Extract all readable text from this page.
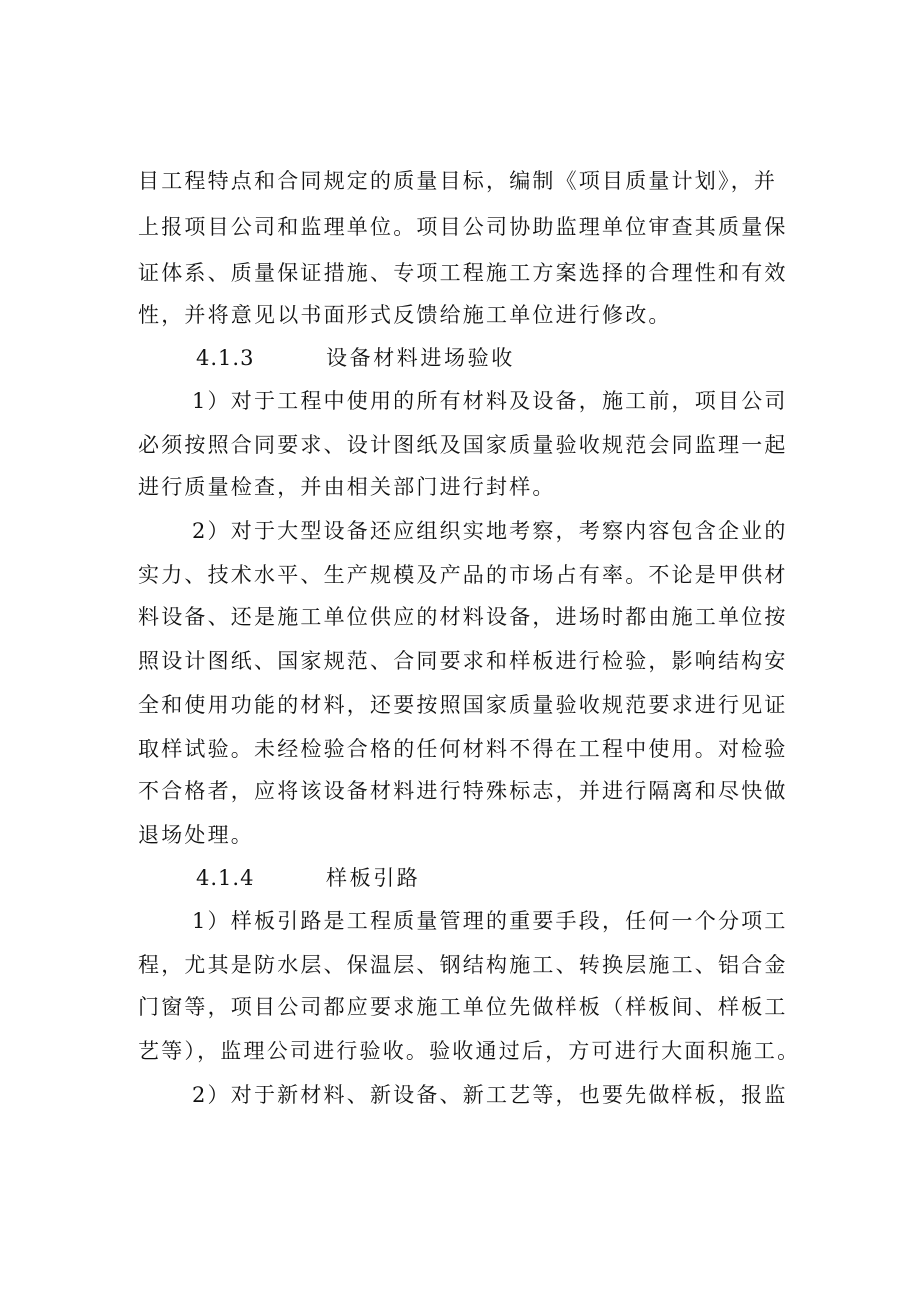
目工程特点和合同规定的质量目标，编制《项目质量计划》，并
上报项目公司和监理单位。项目公司协助监理单位审查其质量保
证体系、质量保证措施、专项工程施工方案选择的合理性和有效
性，并将意见以书面形式反馈给施工单位进行修改。
4.1.3	设备材料进场验收
1）对于工程中使用的所有材料及设备，施工前，项目公司
必须按照合同要求、设计图纸及国家质量验收规范会同监理一起
进行质量检查，并由相关部门进行封样。
2）对于大型设备还应组织实地考察，考察内容包含企业的
实力、技术水平、生产规模及产品的市场占有率。不论是甲供材
料设备、还是施工单位供应的材料设备，进场时都由施工单位按
照设计图纸、国家规范、合同要求和样板进行检验，影响结构安
全和使用功能的材料，还要按照国家质量验收规范要求进行见证
取样试验。未经检验合格的任何材料不得在工程中使用。对检验
不合格者，应将该设备材料进行特殊标志，并进行隔离和尽快做
退场处理。
4.1.4	样板引路
1）样板引路是工程质量管理的重要手段，任何一个分项工
程，尤其是防水层、保温层、钢结构施工、转换层施工、铝合金
门窗等，项目公司都应要求施工单位先做样板（样板间、样板工
艺等），监理公司进行验收。验收通过后，方可进行大面积施工。
2）对于新材料、新设备、新工艺等，也要先做样板，报监
